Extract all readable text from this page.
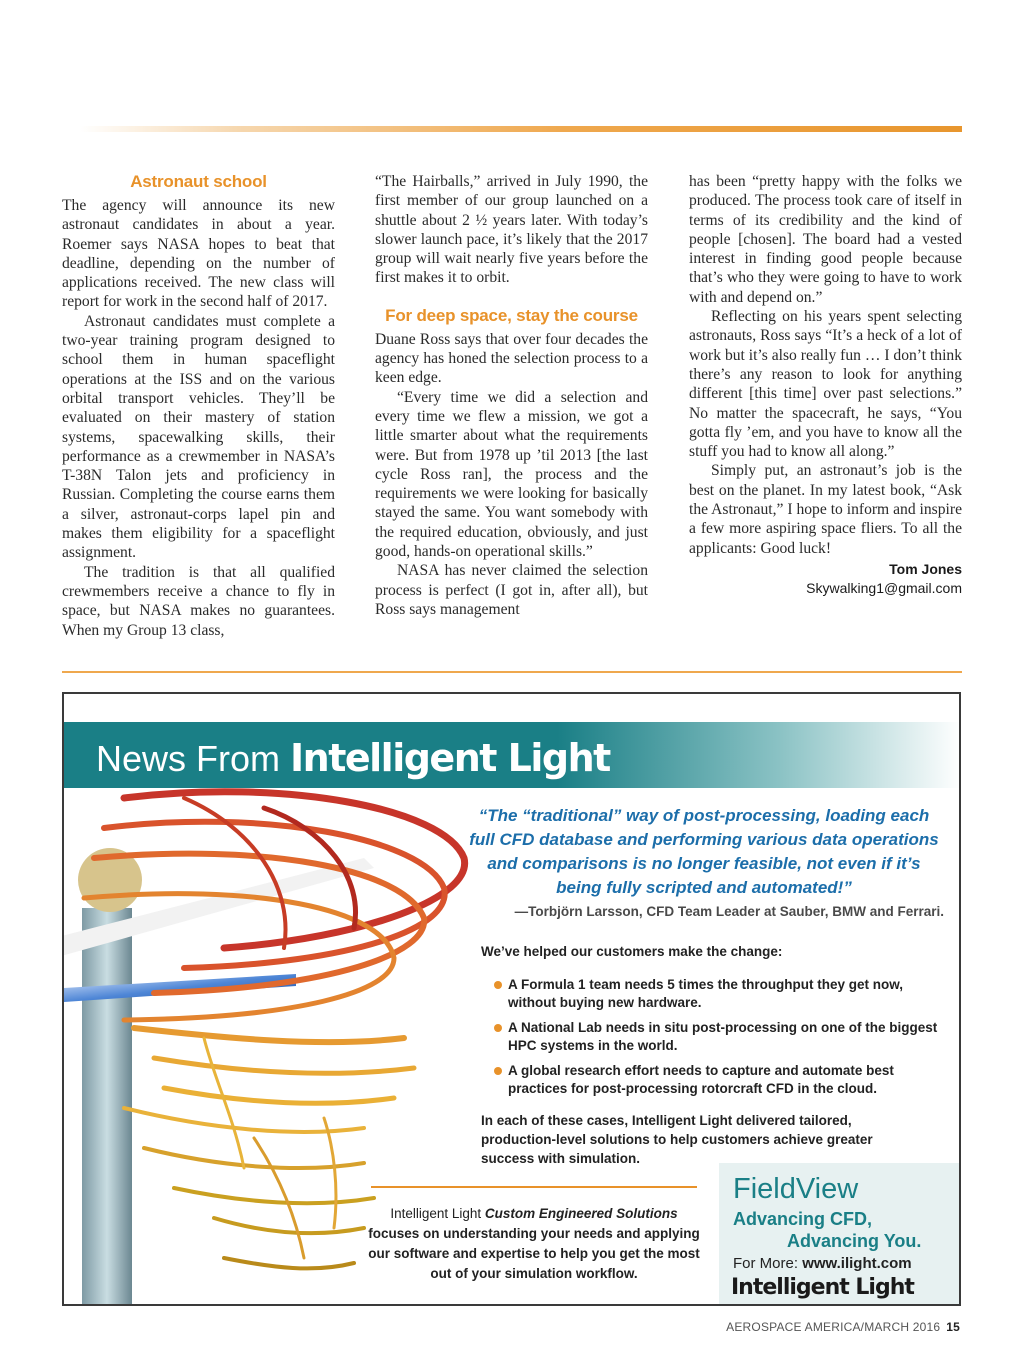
Astronaut school

The agency will announce its new astronaut candidates in about a year. Roemer says NASA hopes to beat that deadline, depending on the number of applications received. The new class will report for work in the second half of 2017.

Astronaut candidates must complete a two-year training program designed to school them in human spaceflight operations at the ISS and on the various orbital transport vehicles. They’ll be evaluated on their mastery of station systems, spacewalking skills, their performance as a crewmember in NASA’s T-38N Talon jets and proficiency in Russian. Completing the course earns them a silver, astronaut-corps lapel pin and makes them eligibility for a spaceflight assignment.

The tradition is that all qualified crewmembers receive a chance to fly in space, but NASA makes no guarantees. When my Group 13 class,

“The Hairballs,” arrived in July 1990, the first member of our group launched on a shuttle about 2 ½ years later. With today’s slower launch pace, it’s likely that the 2017 group will wait nearly five years before the first makes it to orbit.

For deep space, stay the course

Duane Ross says that over four decades the agency has honed the selection process to a keen edge.

“Every time we did a selection and every time we flew a mission, we got a little smarter about what the requirements were. But from 1978 up ’til 2013 [the last cycle Ross ran], the process and the requirements we were looking for basically stayed the same. You want somebody with the required education, obviously, and just good, hands-on operational skills.”

NASA has never claimed the selection process is perfect (I got in, after all), but Ross says management

has been “pretty happy with the folks we produced. The process took care of itself in terms of its credibility and the kind of people [chosen]. The board had a vested interest in finding good people because that’s who they were going to have to work with and depend on.”

Reflecting on his years spent selecting astronauts, Ross says “It’s a heck of a lot of work but it’s also really fun … I don’t think there’s any reason to look for anything different [this time] over past selections.” No matter the spacecraft, he says, “You gotta fly ’em, and you have to know all the stuff you had to know all along.”

Simply put, an astronaut’s job is the best on the planet. In my latest book, “Ask the Astronaut,” I hope to inform and inspire a few more aspiring space fliers. To all the applicants: Good luck!

Tom Jones
Skywalking1@gmail.com
News From Intelligent Light
“The “traditional” way of post-processing, loading each full CFD database and performing various data operations and comparisons is no longer feasible, not even if it’s being fully scripted and automated!”
—Torbjörn Larsson, CFD Team Leader at Sauber, BMW and Ferrari.
We’ve helped our customers make the change:
A Formula 1 team needs 5 times the throughput they get now, without buying new hardware.
A National Lab needs in situ post-processing on one of the biggest HPC systems in the world.
A global research effort needs to capture and automate best practices for post-processing rotorcraft CFD in the cloud.
In each of these cases, Intelligent Light delivered tailored, production-level solutions to help customers achieve greater success with simulation.
Intelligent Light Custom Engineered Solutions focuses on understanding your needs and applying our software and expertise to help you get the most out of your simulation workflow.
FieldView
Advancing CFD,
Advancing You.
For More: www.ilight.com
Intelligent Light
AEROSPACE AMERICA/MARCH 2016 15
